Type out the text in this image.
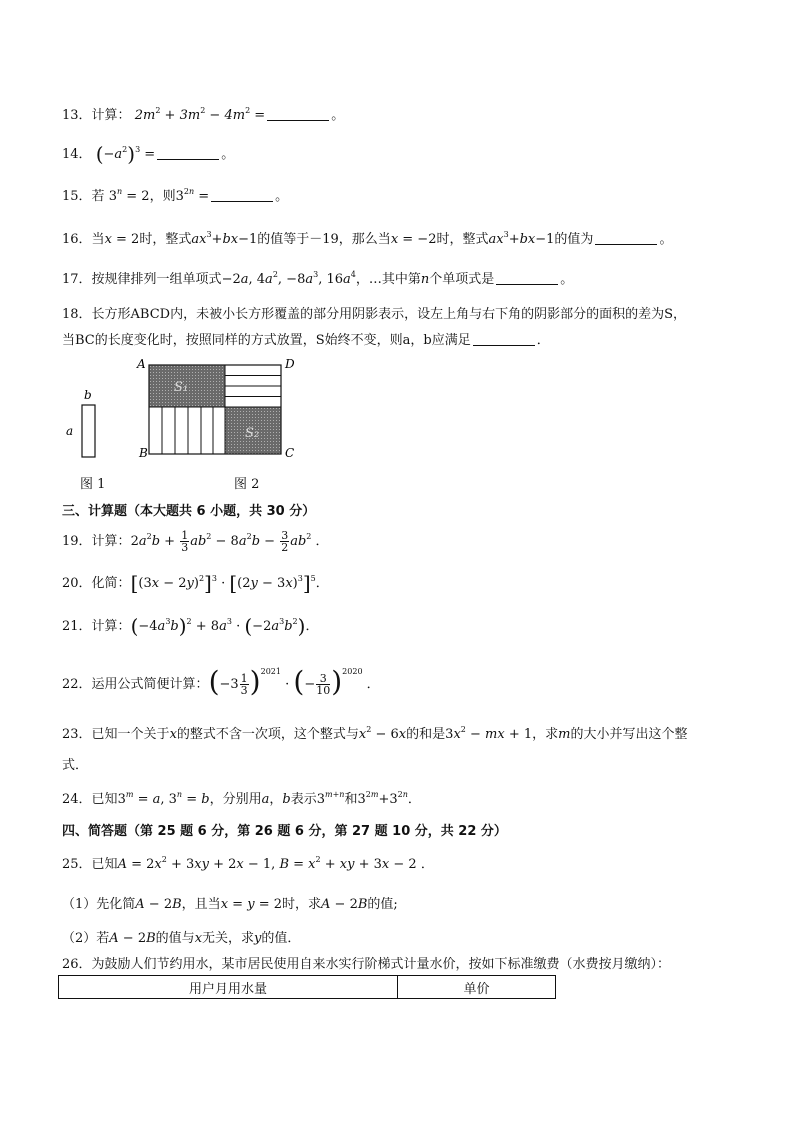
13．计算： $2m^2 + 3m^2 - 4m^2$ =	。
14． $(-a^2)^3$ =	。
15．若 $3^n = 2$，则$3^{2n}$ =	。
16．当x = 2时，整式$ax^3+bx-1$的值等于－19，那么当x = −2时，整式$ax^3+bx-1$的值为	。
17．按规律排列一组单项式−2a, $4a^2$, $-8a^3$, $16a^4$，…其中第n个单项式是	。
18．长方形ABCD内，未被小长方形覆盖的部分用阴影表示，设左上角与右下角的阴影部分的面积的差为S，
当BC的长度变化时，按照同样的方式放置，S始终不变，则a，b应满足	．
b
a
图 1
A	D
B	C
S₁
S₂
图 2
三、计算题（本大题共 6 小题，共 30 分）
19．计算：$2a^2b + \frac{1}{3} ab^2 - 8a^2b - \frac{3}{2} ab^2$ ．
20．化简：$[(3x - 2y)^2]^3 \cdot [(2y - 3x)^3]^5$．
21．计算：$(-4a^3b)^2 + 8a^3 \cdot (-2a^3b^2)$．
22．运用公式简便计算：$(-3 \frac{1}{3} )^{2021}$ · (− $\frac{3}{10} )^{2020}$ ．
23．已知一个关于x的整式不含一次项，这个整式与$x^2 - 6x$的和是$3x^2$ − mx + 1，求m的大小并写出这个整
式．
24．已知$3^m = a$, $3^n = b$，分别用a，b表示$3^{m+n}$和$3^{2m}+3^{2n}$．
四、简答题（第 25 题 6 分，第 26 题 6 分，第 27 题 10 分，共 22 分）
25．已知$A = 2x^2 + 3xy + 2x - 1$, $B = x^2$ + xy + 3x − 2 ．
（1）先化简A − 2B，且当x = y = 2时，求A − 2B的值;
（2）若A − 2B的值与x无关，求y的值．
26．为鼓励人们节约用水，某市居民使用自来水实行阶梯式计量水价，按如下标准缴费（水费按月缴纳）：
用户月用水量	单价
